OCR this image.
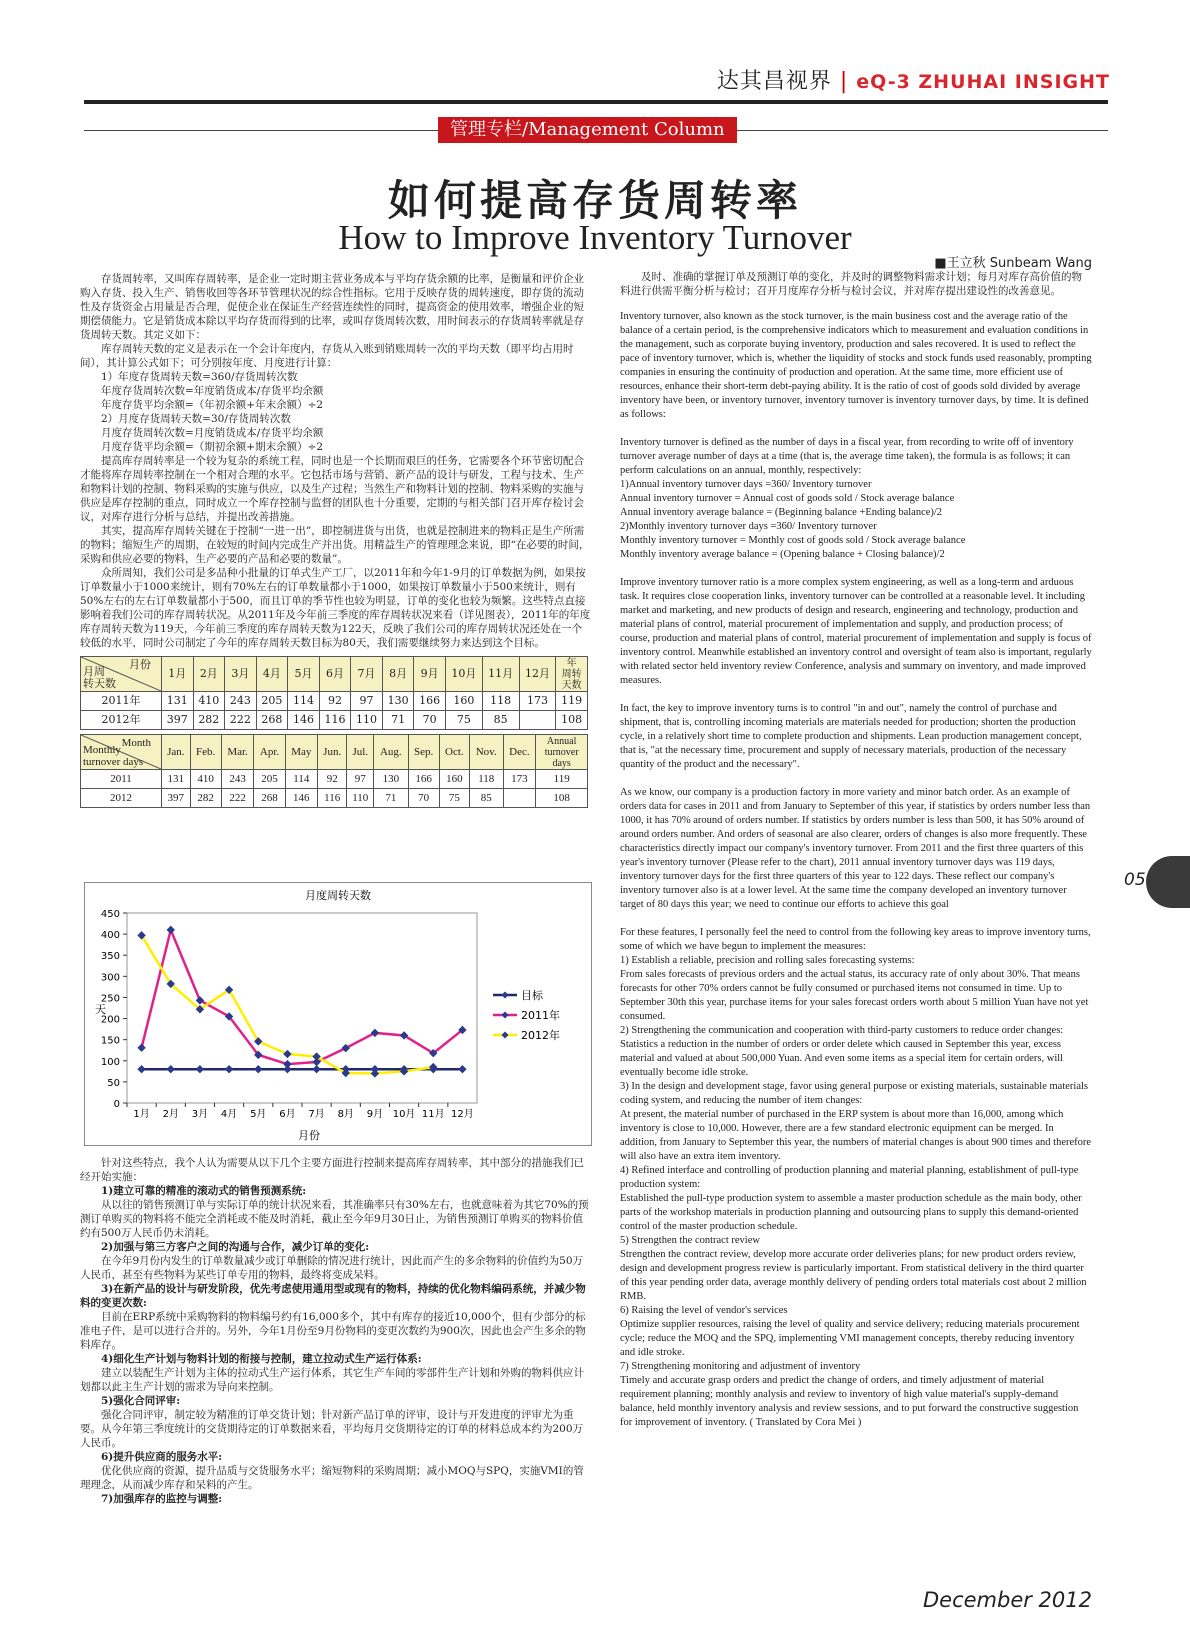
达其昌视界 | eQ-3 ZHUHAI INSIGHT
管理专栏/Management Column
如何提高存货周转率
How to Improve Inventory Turnover
■王立秋 Sunbeam Wang

存货周转率，又叫库存周转率，是企业一定时期主营业务成本与平均存货余额的比率，是衡量和评价企业购入存货、投入生产、销售收回等各环节管理状况的综合性指标。它用于反映存货的周转速度，即存货的流动性及存货资金占用量是否合理，促使企业在保证生产经营连续性的同时，提高资金的使用效率，增强企业的短期偿债能力。它是销货成本除以平均存货而得到的比率，或叫存货周转次数，用时间表示的存货周转率就是存货周转天数。其定义如下：

库存周转天数的定义是表示在一个会计年度内，存货从入账到销账周转一次的平均天数（即平均占用时间），其计算公式如下；可分别按年度、月度进行计算：

1）年度存货周转天数=360/存货周转次数

年度存货周转次数=年度销货成本/存货平均余额

年度存货平均余额=（年初余额+年末余额）÷2

2）月度存货周转天数=30/存货周转次数

月度存货周转次数=月度销货成本/存货平均余额

月度存货平均余额=（期初余额+期末余额）÷2

提高库存周转率是一个较为复杂的系统工程，同时也是一个长期而艰巨的任务，它需要各个环节密切配合才能将库存周转率控制在一个相对合理的水平。它包括市场与营销、新产品的设计与研发，工程与技术、生产和物料计划的控制、物料采购的实施与供应，以及生产过程；当然生产和物料计划的控制、物料采购的实施与供应是库存控制的重点，同时成立一个库存控制与监督的团队也十分重要，定期的与相关部门召开库存检讨会议，对库存进行分析与总结，并提出改善措施。

其实，提高库存周转关键在于控制“一进一出”，即控制进货与出货，也就是控制进来的物料正是生产所需的物料；缩短生产的周期，在较短的时间内完成生产并出货。用精益生产的管理理念来说，即“在必要的时间，采购和供应必要的物料，生产必要的产品和必要的数量”。

众所周知，我们公司是多品种小批量的订单式生产工厂，以2011年和今年1-9月的订单数据为例，如果按订单数量小于1000来统计，则有70%左右的订单数量都小于1000，如果按订单数量小于500来统计，则有50%左右的左右订单数量都小于500，而且订单的季节性也较为明显，订单的变化也较为频繁。这些特点直接影响着我们公司的库存周转状况。从2011年及今年前三季度的库存周转状况来看（详见图表），2011年的年度库存周转天数为119天，今年前三季度的库存周转天数为122天，反映了我们公司的库存周转状况还处在一个较低的水平，同时公司制定了今年的库存周转天数目标为80天，我们需要继续努力来达到这个目标。

月份
月周
转天数	1月	2月	3月	4月	5月	6月	7月	8月	9月	10月	11月	12月	年
周转
天数
2011年	131	410	243	205	114	92	97	130	166	160	118	173	119
2012年	397	282	222	268	146	116	110	71	70	75	85		108
Month
Monthly
turnover days	Jan.	Feb.	Mar.	Apr.	May	Jun.	Jul.	Aug.	Sep.	Oct.	Nov.	Dec.	Annual
turnover
days
2011	131	410	243	205	114	92	97	130	166	160	118	173	119
2012	397	282	222	268	146	116	110	71	70	75	85		108
月度周转天数
天
月份
0
50
100
150
200
250
300
350
400
450
1月 2月 3月 4月 5月 6月 7月 8月 9月 10月 11月 12月
目标
2011年
2012年

针对这些特点，我个人认为需要从以下几个主要方面进行控制来提高库存周转率，其中部分的措施我们已经开始实施：

1)建立可靠的精准的滚动式的销售预测系统:

从以往的销售预测订单与实际订单的统计状况来看，其准确率只有30%左右，也就意味着为其它70%的预测订单购买的物料将不能完全消耗或不能及时消耗，截止至今年9月30日止，为销售预测订单购买的物料价值约有500万人民币仍未消耗。

2)加强与第三方客户之间的沟通与合作，减少订单的变化:

在今年9月份内发生的订单数量减少或订单删除的情况进行统计，因此而产生的多余物料的价值约为50万人民币，甚至有些物料为某些订单专用的物料，最终将变成呆料。

3)在新产品的设计与研发阶段，优先考虑使用通用型或现有的物料，持续的优化物料编码系统，并减少物料的变更次数:

目前在ERP系统中采购物料的物料编号约有16,000多个，其中有库存的接近10,000个，但有少部分的标准电子件，是可以进行合并的。另外，今年1月份至9月份物料的变更次数约为900次，因此也会产生多余的物料库存。

4)细化生产计划与物料计划的衔接与控制，建立拉动式生产运行体系:

建立以装配生产计划为主体的拉动式生产运行体系，其它生产车间的零部件生产计划和外购的物料供应计划都以此主生产计划的需求为导向来控制。

5)强化合同评审:

强化合同评审，制定较为精准的订单交货计划；针对新产品订单的评审，设计与开发进度的评审尤为重要。从今年第三季度统计的交货期待定的订单数据来看，平均每月交货期待定的订单的材料总成本约为200万人民币。

6)提升供应商的服务水平:

优化供应商的资源，提升品质与交货服务水平；缩短物料的采购周期；减小MOQ与SPQ，实施VMI的管理理念，从而减少库存和呆料的产生。

7)加强库存的监控与调整:

及时、准确的掌握订单及预测订单的变化，并及时的调整物料需求计划；每月对库存高价值的物料进行供需平衡分析与检讨；召开月度库存分析与检讨会议，并对库存提出建设性的改善意见。

Inventory turnover, also known as the stock turnover, is the main business cost and the average ratio of the balance of a certain period, is the comprehensive indicators which to measurement and evaluation conditions in the management, such as corporate buying inventory, production and sales recovered. It is used to reflect the pace of inventory turnover, which is, whether the liquidity of stocks and stock funds used reasonably, prompting companies in ensuring the continuity of production and operation. At the same time, more efficient use of resources, enhance their short-term debt-paying ability. It is the ratio of cost of goods sold divided by average inventory have been, or inventory turnover, inventory turnover is inventory turnover days, by time. It is defined as follows:

Inventory turnover is defined as the number of days in a fiscal year, from recording to write off of inventory turnover average number of days at a time (that is, the average time taken), the formula is as follows; it can perform calculations on an annual, monthly, respectively:

1)Annual inventory turnover days =360/ Inventory turnover

Annual inventory turnover = Annual cost of goods sold / Stock average balance

Annual inventory average balance = (Beginning balance +Ending balance)/2

2)Monthly inventory turnover days =360/ Inventory turnover

Monthly inventory turnover = Monthly cost of goods sold / Stock average balance

Monthly inventory average balance = (Opening balance + Closing balance)/2

Improve inventory turnover ratio is a more complex system engineering, as well as a long-term and arduous task. It requires close cooperation links, inventory turnover can be controlled at a reasonable level. It including market and marketing, and new products of design and research, engineering and technology, production and material plans of control, material procurement of implementation and supply, and production process; of course, production and material plans of control, material procurement of implementation and supply is focus of inventory control. Meanwhile established an inventory control and oversight of team also is important, regularly with related sector held inventory review Conference, analysis and summary on inventory, and made improved measures.

In fact, the key to improve inventory turns is to control "in and out", namely the control of purchase and shipment, that is, controlling incoming materials are materials needed for production; shorten the production cycle, in a relatively short time to complete production and shipments. Lean production management concept, that is, "at the necessary time, procurement and supply of necessary materials, production of the necessary quantity of the product and the necessary".

As we know, our company is a production factory in more variety and minor batch order. As an example of orders data for cases in 2011 and from January to September of this year, if statistics by orders number less than 1000, it has 70% around of orders number. If statistics by orders number is less than 500, it has 50% around of around orders number. And orders of seasonal are also clearer, orders of changes is also more frequently. These characteristics directly impact our company's inventory turnover. From 2011 and the first three quarters of this year's inventory turnover (Please refer to the chart), 2011 annual inventory turnover days was 119 days, inventory turnover days for the first three quarters of this year to 122 days. These reflect our company's inventory turnover also is at a lower level. At the same time the company developed an inventory turnover target of 80 days this year; we need to continue our efforts to achieve this goal

For these features, I personally feel the need to control from the following key areas to improve inventory turns, some of which we have begun to implement the measures:

1) Establish a reliable, precision and rolling sales forecasting systems:

From sales forecasts of previous orders and the actual status, its accuracy rate of only about 30%. That means forecasts for other 70% orders cannot be fully consumed or purchased items not consumed in time. Up to September 30th this year, purchase items for your sales forecast orders worth about 5 million Yuan have not yet consumed.

2) Strengthening the communication and cooperation with third-party customers to reduce order changes:

Statistics a reduction in the number of orders or order delete which caused in September this year, excess material and valued at about 500,000 Yuan. And even some items as a special item for certain orders, will eventually become idle stroke.

3) In the design and development stage, favor using general purpose or existing materials, sustainable materials coding system, and reducing the number of item changes:

At present, the material number of purchased in the ERP system is about more than 16,000, among which inventory is close to 10,000. However, there are a few standard electronic equipment can be merged. In addition, from January to September this year, the numbers of material changes is about 900 times and therefore will also have an extra item inventory.

4) Refined interface and controlling of production planning and material planning, establishment of pull-type production system:

Established the pull-type production system to assemble a master production schedule as the main body, other parts of the workshop materials in production planning and outsourcing plans to supply this demand-oriented control of the master production schedule.

5) Strengthen the contract review

Strengthen the contract review, develop more accurate order deliveries plans; for new product orders review, design and development progress review is particularly important. From statistical delivery in the third quarter of this year pending order data, average monthly delivery of pending orders total materials cost about 2 million RMB.

6) Raising the level of vendor's services

Optimize supplier resources, raising the level of quality and service delivery; reducing materials procurement cycle; reduce the MOQ and the SPQ, implementing VMI management concepts, thereby reducing inventory and idle stroke.

7) Strengthening monitoring and adjustment of inventory

Timely and accurate grasp orders and predict the change of orders, and timely adjustment of material requirement planning; monthly analysis and review to inventory of high value material's supply-demand balance, held monthly inventory analysis and review sessions, and to put forward the constructive suggestion for improvement of inventory. ( Translated by Cora Mei )

05
December 2012
